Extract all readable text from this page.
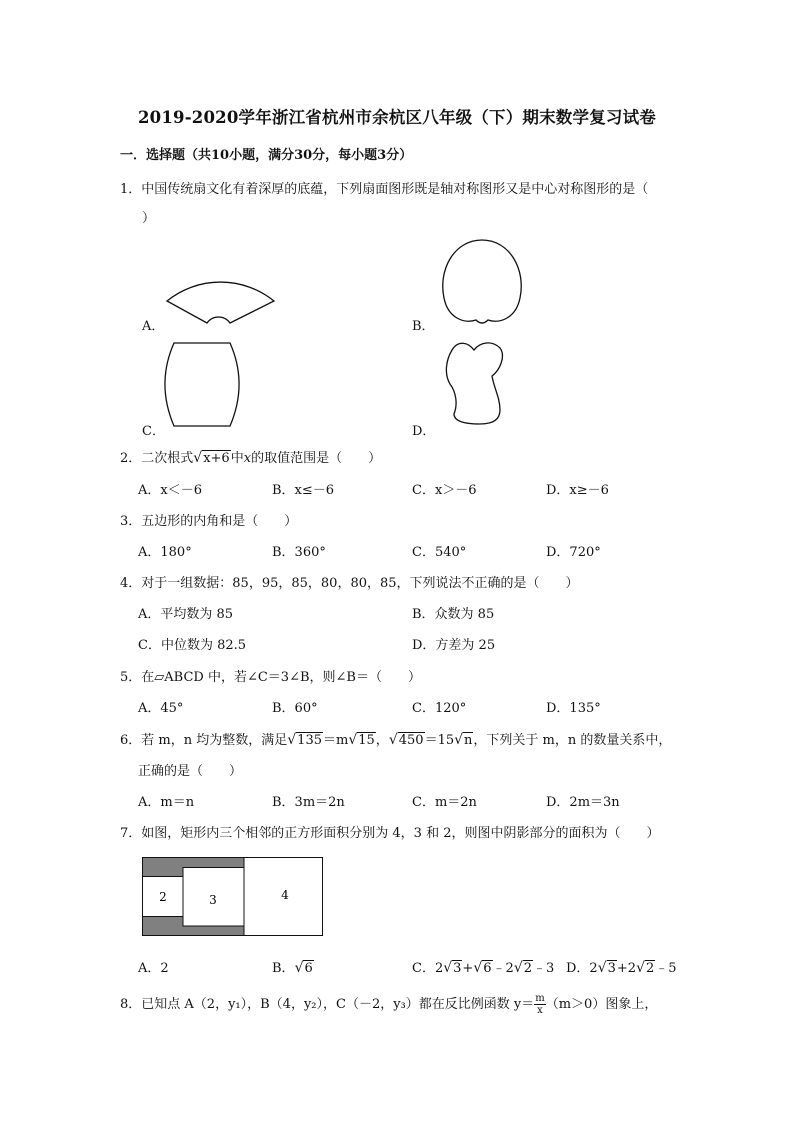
2019-2020学年浙江省杭州市余杭区八年级（下）期末数学复习试卷
一．选择题（共10小题，满分30分，每小题3分）
1．中国传统扇文化有着深厚的底蕴，下列扇面图形既是轴对称图形又是中心对称图形的是（
）
A．	B．
C．	D．
2．二次根式√x+6中x的取值范围是（　　）
A．x＜－6	B．x≤﻿－6	C．x＞－6	D．x≥﻿－6
3．五边形的内角和是（　　）
A．180°	B．360°	C．540°	D．720°
4．对于一组数据：85，95，85，80，80，85，下列说法不正确的是（　　）
A．平均数为 85	B．众数为 85
C．中位数为 82.5	D．方差为 25
5．在▱ABCD 中，若∠C＝3∠B，则∠B＝（　　）
A．45°	B．60°	C．120°	D．135°
6．若 m，n 均为整数，满足√135＝m√15，√450＝15√n，下列关于 m，n 的数量关系中，
正确的是（　　）
A．m＝n	B．3m＝2n	C．m＝2n	D．2m＝3n
7．如图，矩形内三个相邻的正方形面积分别为 4，3 和 2，则图中阴影部分的面积为（　　）
2	3	4
A．2	B．√6	C．2√3+√6﹣2√2﹣3 D．2√3+2√2﹣5
8．已知点 A（2，y₁），B（4，y₂），C（－2，y₃）都在反比例函数 $y= \frac{m}{x} (m>0)$图象上，
